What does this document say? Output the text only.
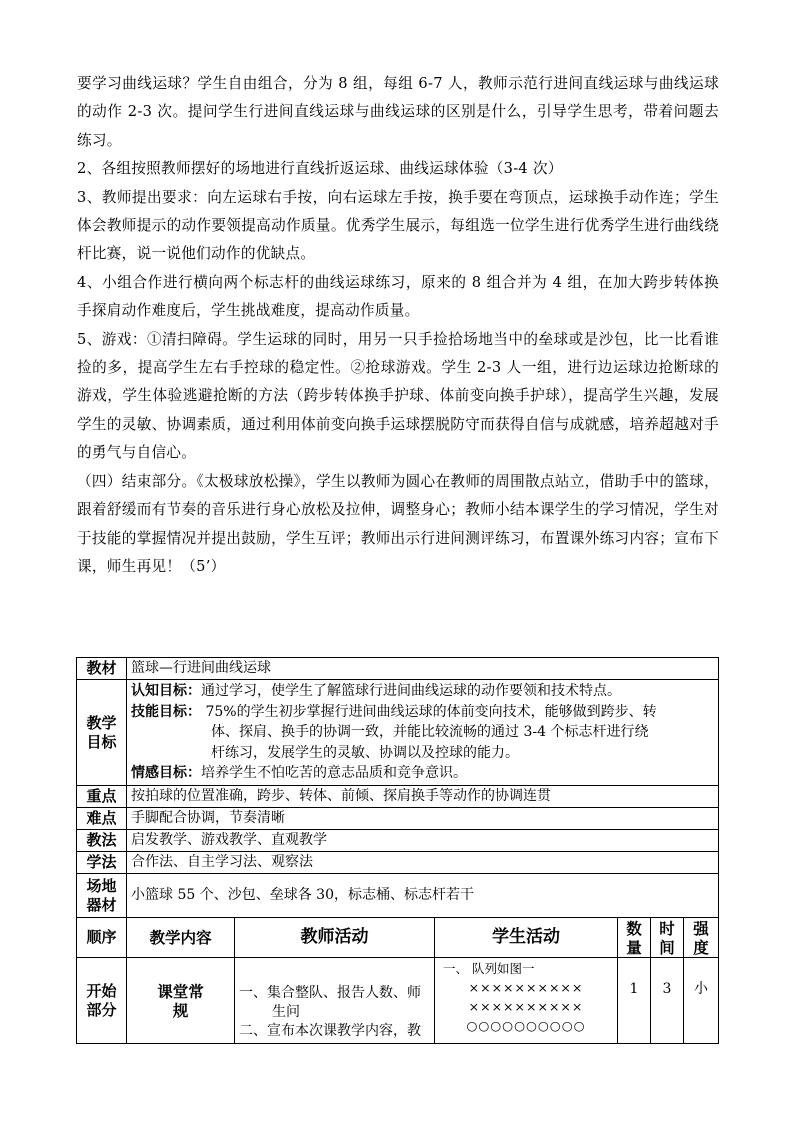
要学习曲线运球？学生自由组合，分为 8 组，每组 6-7 人，教师示范行进间直线运球与曲线运球的动作 2-3 次。提问学生行进间直线运球与曲线运球的区别是什么，引导学生思考，带着问题去练习。

2、各组按照教师摆好的场地进行直线折返运球、曲线运球体验（3-4 次）

3、教师提出要求：向左运球右手按，向右运球左手按，换手要在弯顶点，运球换手动作连；学生体会教师提示的动作要领提高动作质量。优秀学生展示，每组选一位学生进行优秀学生进行曲线绕杆比赛，说一说他们动作的优缺点。

4、小组合作进行横向两个标志杆的曲线运球练习，原来的 8 组合并为 4 组，在加大跨步转体换手探肩动作难度后，学生挑战难度，提高动作质量。

5、游戏：①清扫障碍。学生运球的同时，用另一只手捡拾场地当中的垒球或是沙包，比一比看谁捡的多，提高学生左右手控球的稳定性。②抢球游戏。学生 2-3 人一组，进行边运球边抢断球的游戏，学生体验逃避抢断的方法（跨步转体换手护球、体前变向换手护球），提高学生兴趣，发展学生的灵敏、协调素质，通过利用体前变向换手运球摆脱防守而获得自信与成就感，培养超越对手的勇气与自信心。

（四）结束部分。《太极球放松操》，学生以教师为圆心在教师的周围散点站立，借助手中的篮球，跟着舒缓而有节奏的音乐进行身心放松及拉伸，调整身心；教师小结本课学生的学习情况，学生对于技能的掌握情况并提出鼓励，学生互评；教师出示行进间测评练习，布置课外练习内容；宣布下课，师生再见！（5’）

教材	篮球—行进间曲线运球					
教学目标	认知目标：通过学习，使学生了解篮球行进间曲线运球的动作要领和技术特点。
技能目标： 75%的学生初步掌握行进间曲线运球的体前变向技术，能够做到跨步、转
体、探肩、换手的协调一致，并能比较流畅的通过 3-4 个标志杆进行绕
杆练习，发展学生的灵敏、协调以及控球的能力。
情感目标：培养学生不怕吃苦的意志品质和竞争意识。					

重点	按拍球的位置准确，跨步、转体、前倾、探肩换手等动作的协调连贯					
难点	手脚配合协调，节奏清晰					
教法	启发教学、游戏教学、直观教学					
学法	合作法、自主学习法、观察法					
场地器材	小篮球 55 个、沙包、垒球各 30，标志桶、标志杆若干					
顺序	教学内容	教师活动	学生活动	数量	时间	强度
开始部分	课堂常规	一、集合整队、报告人数、师
生问
二、宣布本次课教学内容，教	一、 队列如图一
××××××××××
××××××××××
○○○○○○○○○○	1	3	小
